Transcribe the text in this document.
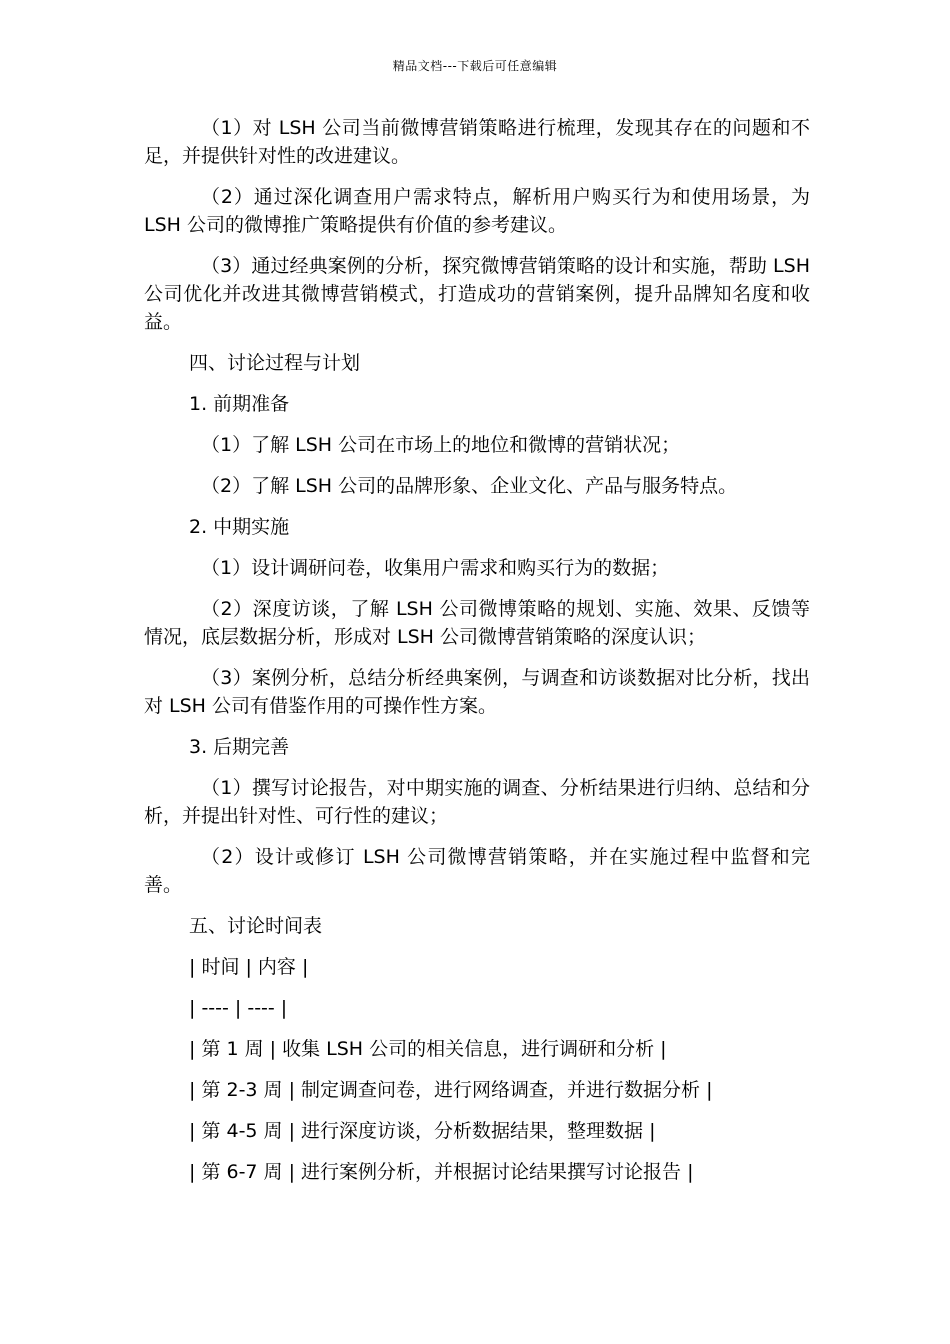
精品文档---下载后可任意编辑

（1）对 LSH 公司当前微博营销策略进行梳理，发现其存在的问题和不足，并提供针对性的改进建议。

（2）通过深化调查用户需求特点，解析用户购买行为和使用场景，为 LSH 公司的微博推广策略提供有价值的参考建议。

（3）通过经典案例的分析，探究微博营销策略的设计和实施，帮助 LSH 公司优化并改进其微博营销模式，打造成功的营销案例，提升品牌知名度和收益。

四、讨论过程与计划

1. 前期准备

（1）了解 LSH 公司在市场上的地位和微博的营销状况；

（2）了解 LSH 公司的品牌形象、企业文化、产品与服务特点。

2. 中期实施

（1）设计调研问卷，收集用户需求和购买行为的数据；

（2）深度访谈，了解 LSH 公司微博策略的规划、实施、效果、反馈等情况，底层数据分析，形成对 LSH 公司微博营销策略的深度认识；

（3）案例分析，总结分析经典案例，与调查和访谈数据对比分析，找出对 LSH 公司有借鉴作用的可操作性方案。

3. 后期完善

（1）撰写讨论报告，对中期实施的调查、分析结果进行归纳、总结和分析，并提出针对性、可行性的建议；

（2）设计或修订 LSH 公司微博营销策略，并在实施过程中监督和完善。

五、讨论时间表

| 时间 | 内容 |

| ---- | ---- |

| 第 1 周 | 收集 LSH 公司的相关信息，进行调研和分析 |

| 第 2-3 周 | 制定调查问卷，进行网络调查，并进行数据分析 |

| 第 4-5 周 | 进行深度访谈，分析数据结果，整理数据 |

| 第 6-7 周 | 进行案例分析，并根据讨论结果撰写讨论报告 |
